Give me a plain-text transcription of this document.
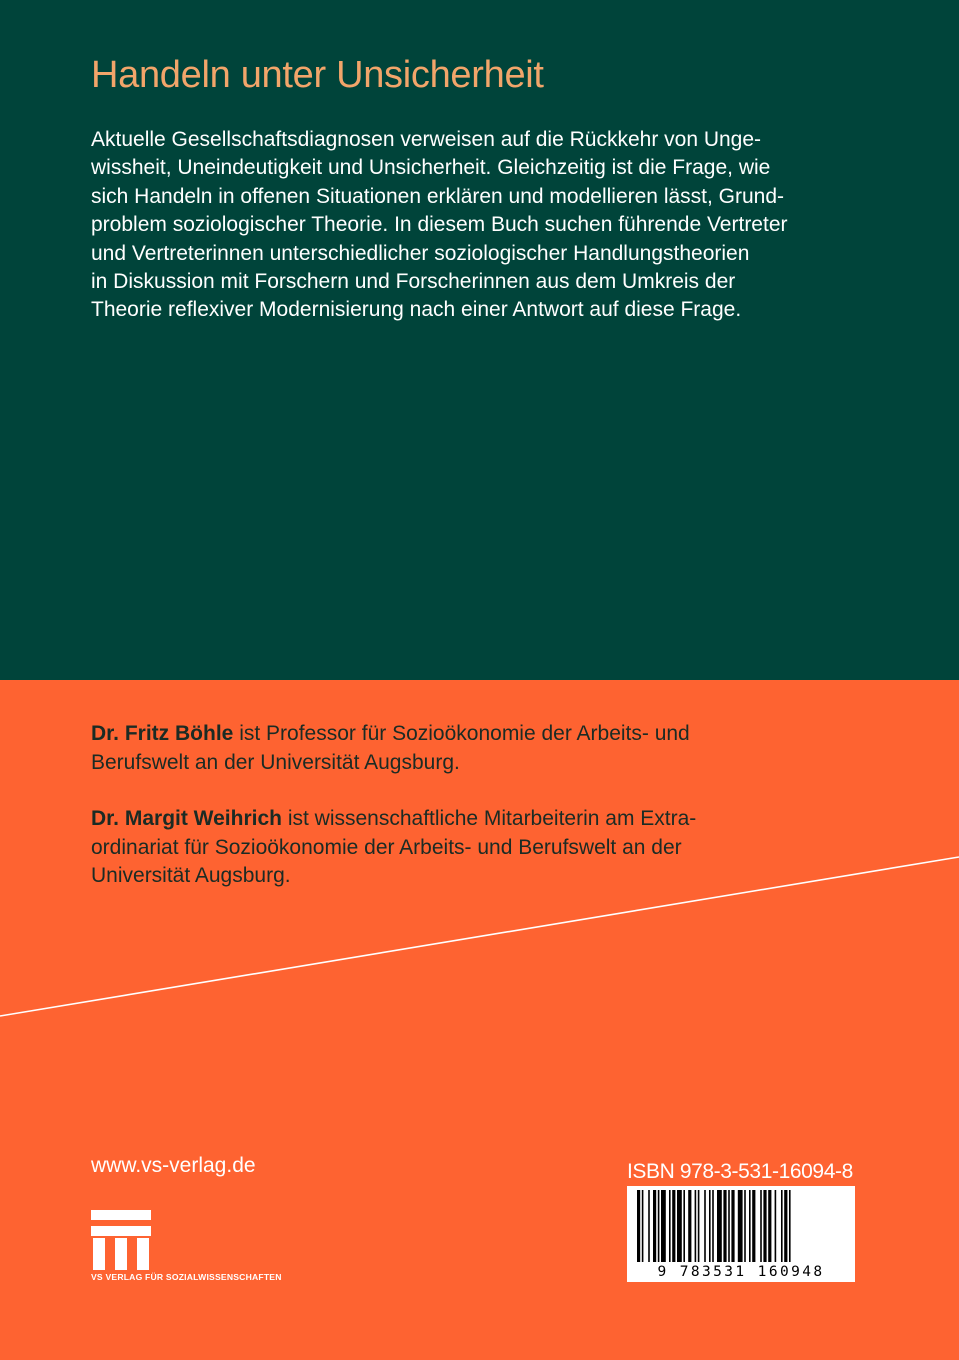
Handeln unter Unsicherheit
Aktuelle Gesellschaftsdiagnosen verweisen auf die Rückkehr von Unge-
wissheit, Uneindeutigkeit und Unsicherheit. Gleichzeitig ist die Frage, wie
sich Handeln in offenen Situationen erklären und modellieren lässt, Grund-
problem soziologischer Theorie. In diesem Buch suchen führende Vertreter
und Vertreterinnen unterschiedlicher soziologischer Handlungstheorien
in Diskussion mit Forschern und Forscherinnen aus dem Umkreis der
Theorie reflexiver Modernisierung nach einer Antwort auf diese Frage.
Dr. Fritz Böhle ist Professor für Sozioökonomie der Arbeits- und
Berufswelt an der Universität Augsburg.
Dr. Margit Weihrich ist wissenschaftliche Mitarbeiterin am Extra-
ordinariat für Sozioökonomie der Arbeits- und Berufswelt an der
Universität Augsburg.
www.vs-verlag.de
VS VERLAG FÜR SOZIALWISSENSCHAFTEN
ISBN 978-3-531-16094-8
9 783531 160948
